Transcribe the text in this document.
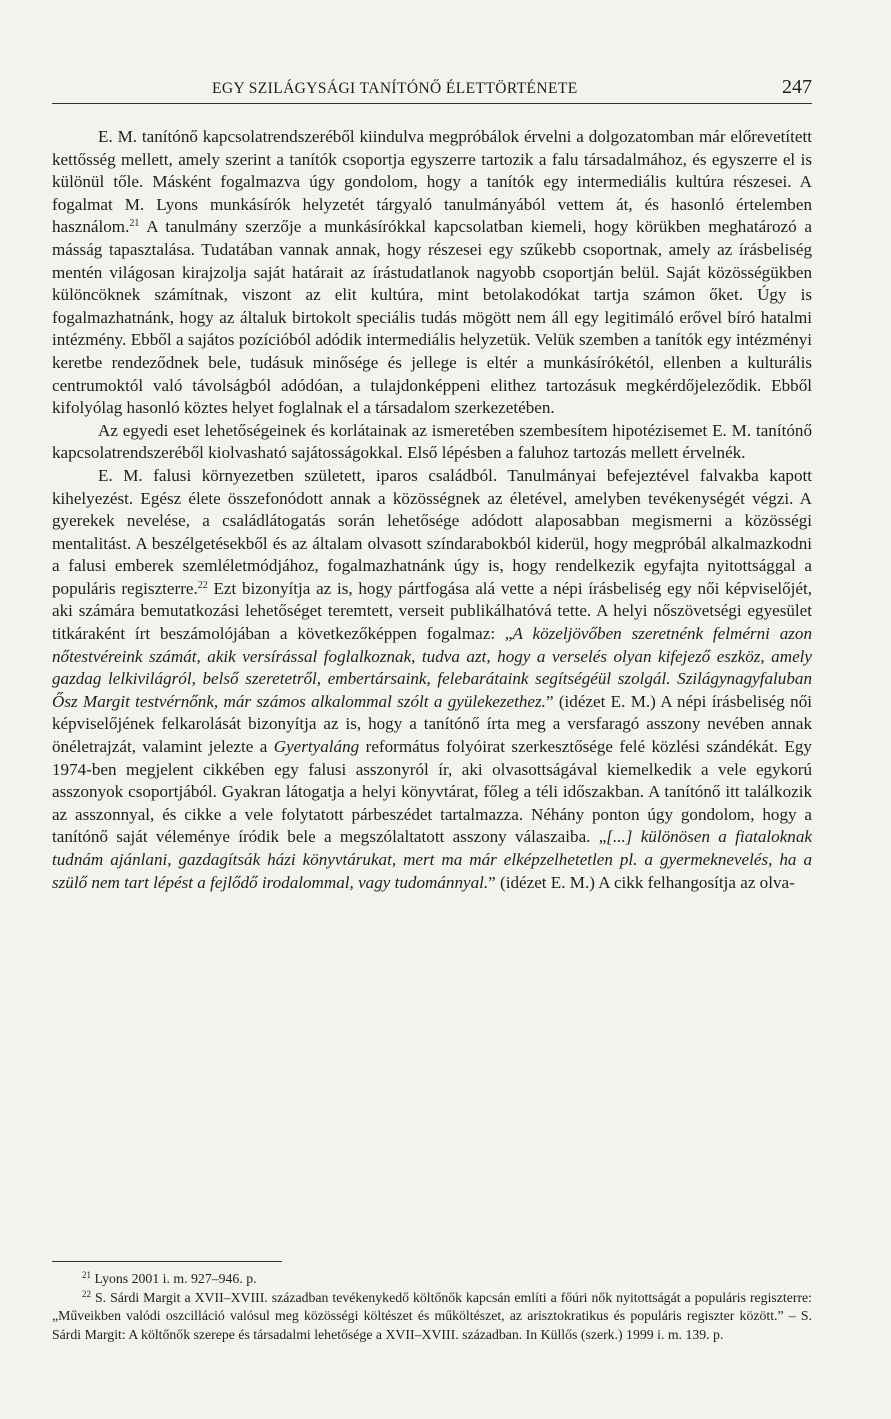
EGY SZILÁGYSÁGI TANÍTÓNŐ ÉLETTÖRTÉNETE	247

E. M. tanítónő kapcsolatrendszeréből kiindulva megpróbálok érvelni a dolgozatomban már előrevetített kettősség mellett, amely szerint a tanítók csoportja egyszerre tartozik a falu társadalmához, és egyszerre el is különül tőle. Másként fogalmazva úgy gondolom, hogy a tanítók egy intermediális kultúra részesei. A fogalmat M. Lyons munkásírók helyzetét tárgyaló tanulmányából vettem át, és hasonló értelemben használom.$^{21}$ A tanulmány szerzője a munkásírókkal kapcsolatban kiemeli, hogy körükben meghatározó a másság tapasztalása. Tudatában vannak annak, hogy részesei egy szűkebb csoportnak, amely az írásbeliség mentén világosan kirajzolja saját határait az írástudatlanok nagyobb csoportján belül. Saját közösségükben különcöknek számítnak, viszont az elit kultúra, mint betolakodókat tartja számon őket. Úgy is fogalmazhatnánk, hogy az általuk birtokolt speciális tudás mögött nem áll egy legitimáló erővel bíró hatalmi intézmény. Ebből a sajátos pozícióból adódik intermediális helyzetük. Velük szemben a tanítók egy intézményi keretbe rendeződnek bele, tudásuk minősége és jellege is eltér a munkásírókétól, ellenben a kulturális centrumoktól való távolságból adódóan, a tulajdonképpeni elithez tartozásuk megkérdőjeleződik. Ebből kifolyólag hasonló köztes helyet foglalnak el a társadalom szerkezetében.

Az egyedi eset lehetőségeinek és korlátainak az ismeretében szembesítem hipotézisemet E. M. tanítónő kapcsolatrendszeréből kiolvasható sajátosságokkal. Első lépésben a faluhoz tartozás mellett érvelnék.

E. M. falusi környezetben született, iparos családból. Tanulmányai befejeztével falvakba kapott kihelyezést. Egész élete összefonódott annak a közösségnek az életével, amelyben tevékenységét végzi. A gyerekek nevelése, a családlátogatás során lehetősége adódott alaposabban megismerni a közösségi mentalitást. A beszélgetésekből és az általam olvasott színdarabokból kiderül, hogy megpróbál alkalmazkodni a falusi emberek szemléletmódjához, fogalmazhatnánk úgy is, hogy rendelkezik egyfajta nyitottsággal a populáris regiszterre.$^{22}$ Ezt bizonyítja az is, hogy pártfogása alá vette a népi írásbeliség egy női képviselőjét, aki számára bemutatkozási lehetőséget teremtett, verseit publikálhatóvá tette. A helyi nőszövetségi egyesület titkáraként írt beszámolójában a következőképpen fogalmaz: „A közeljövőben szeretnénk felmérni azon nőtestvéreink számát, akik versírással foglalkoznak, tudva azt, hogy a verselés olyan kifejező eszköz, amely gazdag lelkivilágról, belső szeretetről, embertársaink, felebarátaink segítségéül szolgál. Szilágynagyfaluban Ősz Margit testvérnőnk, már számos alkalommal szólt a gyülekezethez.” (idézet E. M.) A népi írásbeliség női képviselőjének felkarolását bizonyítja az is, hogy a tanítónő írta meg a versfaragó asszony nevében annak önéletrajzát, valamint jelezte a Gyertyaláng református folyóirat szerkesztősége felé közlési szándékát. Egy 1974-ben megjelent cikkében egy falusi asszonyról ír, aki olvasottságával kiemelkedik a vele egykorú asszonyok csoportjából. Gyakran látogatja a helyi könyvtárat, főleg a téli időszakban. A tanítónő itt találkozik az asszonnyal, és cikke a vele folytatott párbeszédet tartalmazza. Néhány ponton úgy gondolom, hogy a tanítónő saját véleménye íródik bele a megszólaltatott asszony válaszaiba. „[...] különösen a fiataloknak tudnám ajánlani, gazdagítsák házi könyvtárukat, mert ma már elképzelhetetlen pl. a gyermeknevelés, ha a szülő nem tart lépést a fejlődő irodalommal, vagy tudománnyal.” (idézet E. M.) A cikk felhangosítja az olva-

$^{21}$ Lyons 2001 i. m. 927–946. p.

$^{22}$ S. Sárdi Margit a XVII–XVIII. században tevékenykedő költőnők kapcsán említi a főúri nők nyitottságát a populáris regiszterre: „Műveikben valódi oszcilláció valósul meg közösségi költészet és műköltészet, az arisztokratikus és populáris regiszter között.” – S. Sárdi Margit: A költőnők szerepe és társadalmi lehetősége a XVII–XVIII. században. In Küllős (szerk.) 1999 i. m. 139. p.
